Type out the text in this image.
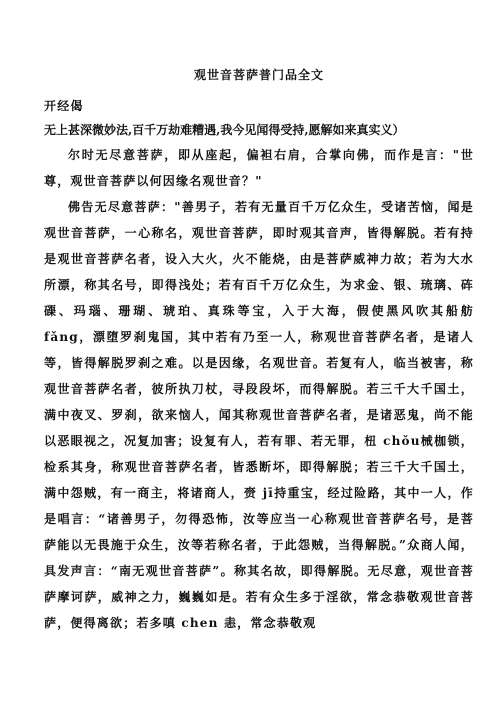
观世音菩萨普门品全文

开经偈

无上甚深微妙法,百千万劫难糟遇,我今见闻得受持,愿解如来真实义）

尔时无尽意菩萨，即从座起，偏袒右肩，合掌向佛，而作是言："世尊，观世音菩萨以何因缘名观世音？"

佛告无尽意菩萨："善男子，若有无量百千万亿众生，受诸苦恼，闻是观世音菩萨，一心称名，观世音菩萨，即时观其音声，皆得解脱。若有持是观世音菩萨名者，设入大火，火不能烧，由是菩萨威神力故；若为大水所漂，称其名号，即得浅处；若有百千万亿众生，为求金、银、琉璃、砗磲、玛瑙、珊瑚、琥珀、真珠等宝，入于大海，假使黑风吹其船舫 fǎng，漂堕罗刹鬼国，其中若有乃至一人，称观世音菩萨名者，是诸人等，皆得解脱罗刹之难。以是因缘，名观世音。若复有人，临当被害，称观世音菩萨名者，彼所执刀杖，寻段段坏，而得解脱。若三千大千国土，满中夜叉、罗刹，欲来恼人，闻其称观世音菩萨名者，是诸恶鬼，尚不能以恶眼视之，况复加害；设复有人，若有罪、若无罪，杻 chǒu械枷锁，检系其身，称观世音菩萨名者，皆悉断坏，即得解脱；若三千大千国土，满中怨贼，有一商主，将诸商人，赍 jī持重宝，经过险路，其中一人，作是唱言：“诸善男子，勿得恐怖，汝等应当一心称观世音菩萨名号，是菩萨能以无畏施于众生，汝等若称名者，于此怨贼，当得解脱。”众商人闻，具发声言：“南无观世音菩萨”。称其名故，即得解脱。无尽意，观世音菩萨摩诃萨，威神之力，巍巍如是。若有众生多于淫欲，常念恭敬观世音菩萨，便得离欲；若多嗔 chen 恚，常念恭敬观
